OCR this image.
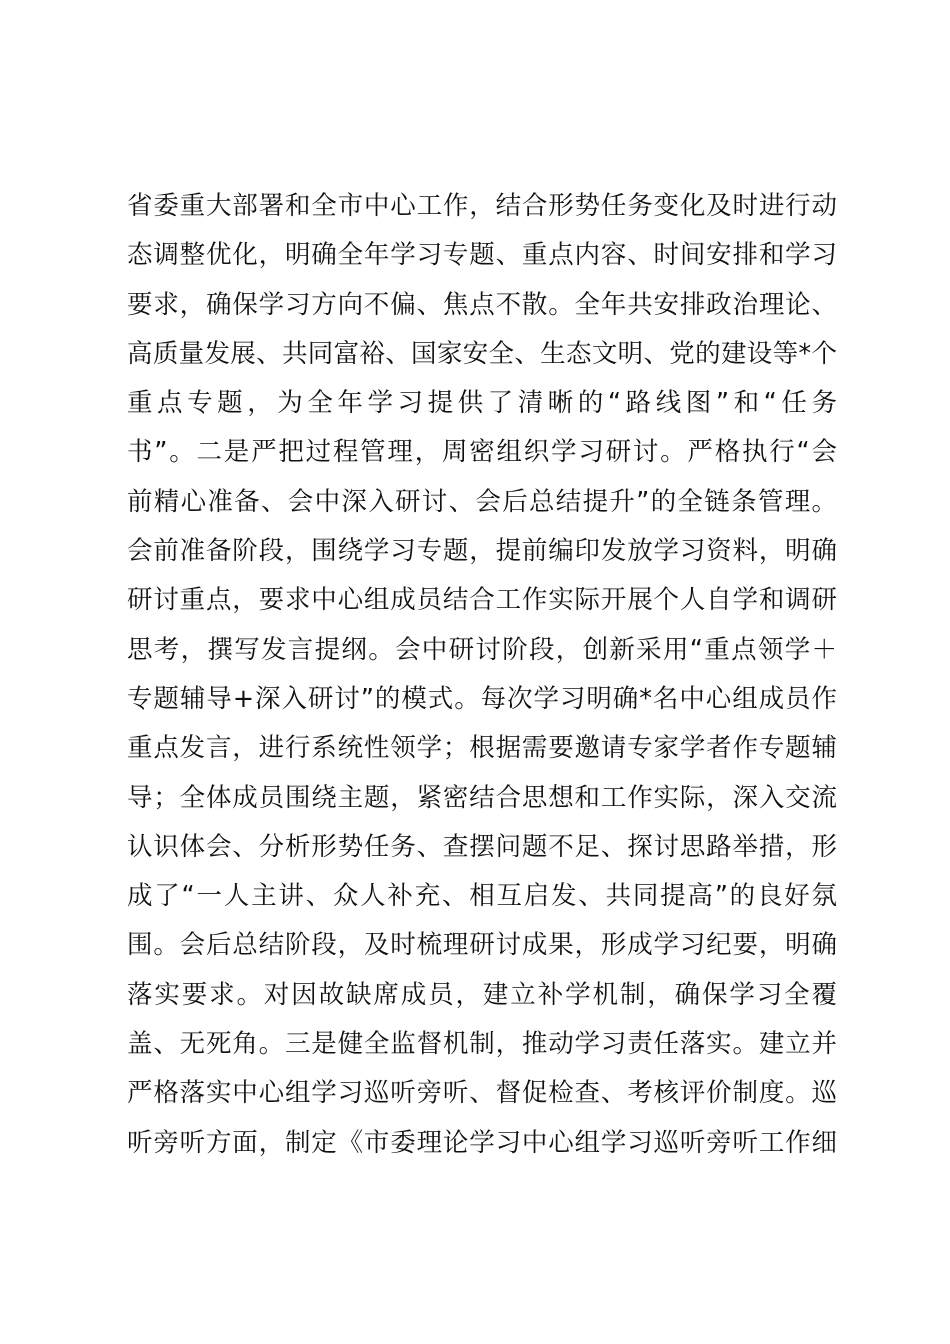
省委重大部署和全市中心工作，结合形势任务变化及时进行动
态调整优化，明确全年学习专题、重点内容、时间安排和学习
要求，确保学习方向不偏、焦点不散。全年共安排政治理论、
高质量发展、共同富裕、国家安全、生态文明、党的建设等*个
重点专题，为全年学习提供了清晰的“路线图”和“任务
书”。二是严把过程管理，周密组织学习研讨。严格执行“会
前精心准备、会中深入研讨、会后总结提升”的全链条管理。
会前准备阶段，围绕学习专题，提前编印发放学习资料，明确
研讨重点，要求中心组成员结合工作实际开展个人自学和调研
思考，撰写发言提纲。会中研讨阶段，创新采用“重点领学＋
专题辅导+深入研讨”的模式。每次学习明确*名中心组成员作
重点发言，进行系统性领学；根据需要邀请专家学者作专题辅
导；全体成员围绕主题，紧密结合思想和工作实际，深入交流
认识体会、分析形势任务、查摆问题不足、探讨思路举措，形
成了“一人主讲、众人补充、相互启发、共同提高”的良好氛
围。会后总结阶段，及时梳理研讨成果，形成学习纪要，明确
落实要求。对因故缺席成员，建立补学机制，确保学习全覆
盖、无死角。三是健全监督机制，推动学习责任落实。建立并
严格落实中心组学习巡听旁听、督促检查、考核评价制度。巡
听旁听方面，制定《市委理论学习中心组学习巡听旁听工作细
